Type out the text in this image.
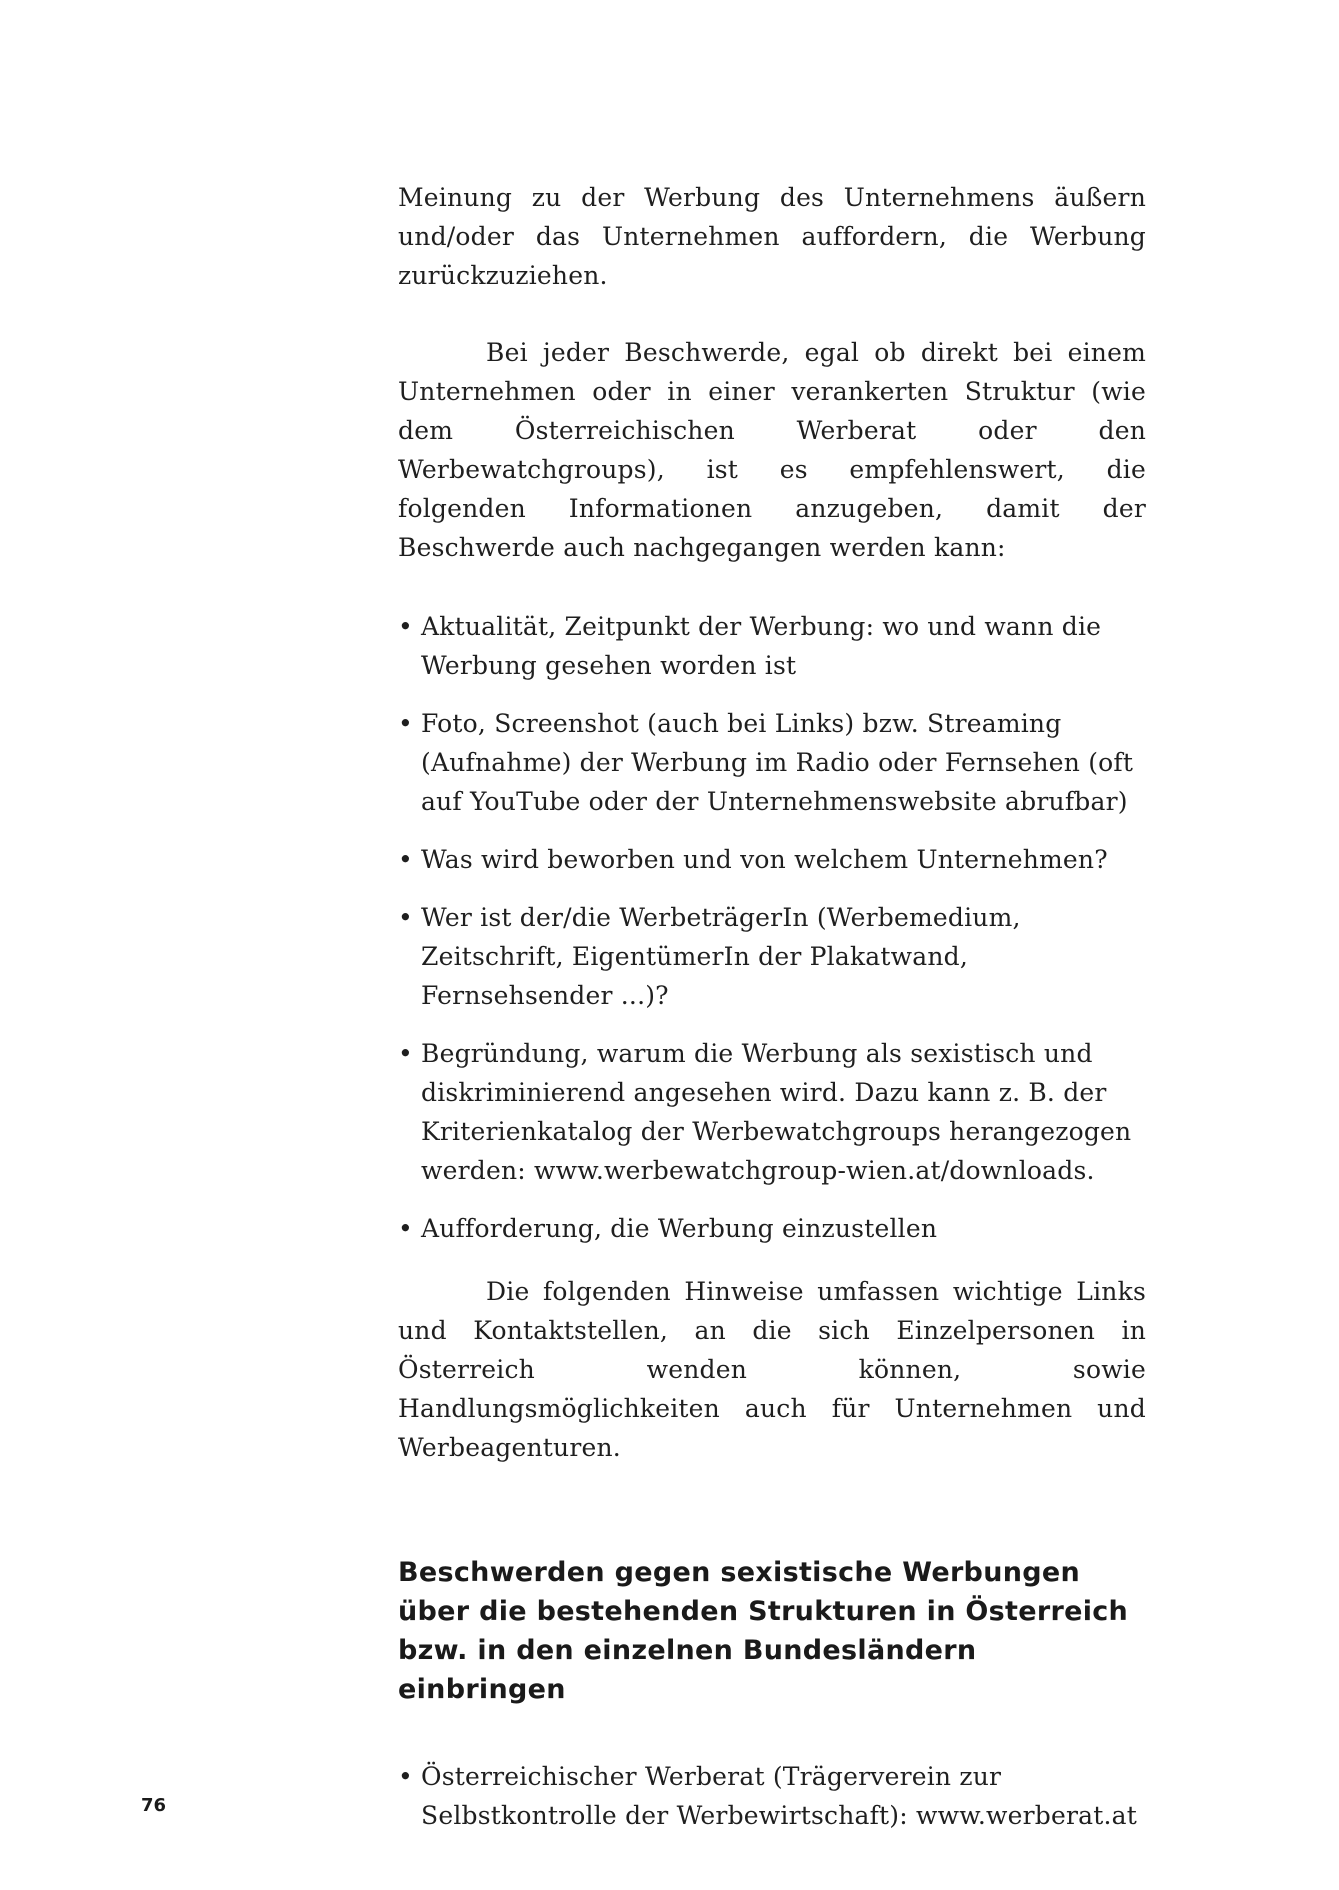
Meinung zu der Werbung des Unternehmens äußern und/oder das Unternehmen auffordern, die Werbung zurückzuziehen.

Bei jeder Beschwerde, egal ob direkt bei einem Unternehmen oder in einer verankerten Struktur (wie dem Österreichischen Werberat oder den Werbewatchgroups), ist es empfehlenswert, die folgenden Informationen anzugeben, damit der Beschwerde auch nachgegangen werden kann:

• Aktualität, Zeitpunkt der Werbung: wo und wann die Werbung gesehen worden ist
• Foto, Screenshot (auch bei Links) bzw. Streaming (Aufnahme) der Werbung im Radio oder Fernsehen (oft auf YouTube oder der Unternehmenswebsite abrufbar)
• Was wird beworben und von welchem Unternehmen?
• Wer ist der/die WerbeträgerIn (Werbemedium, Zeitschrift, EigentümerIn der Plakatwand, Fernsehsender ...)?
• Begründung, warum die Werbung als sexistisch und diskriminierend angesehen wird. Dazu kann z. B. der Kriterienkatalog der Werbewatchgroups herangezogen werden: www.werbewatchgroup-wien.at/downloads.
• Aufforderung, die Werbung einzustellen

Die folgenden Hinweise umfassen wichtige Links und Kontaktstellen, an die sich Einzelpersonen in Österreich wenden können, sowie Handlungsmöglichkeiten auch für Unternehmen und Werbeagenturen.

Beschwerden gegen sexistische Werbungen über die bestehenden Strukturen in Österreich bzw. in den einzelnen Bundesländern einbringen
• Österreichischer Werberat (Trägerverein zur Selbstkontrolle der Werbewirtschaft): www.werberat.at
76
